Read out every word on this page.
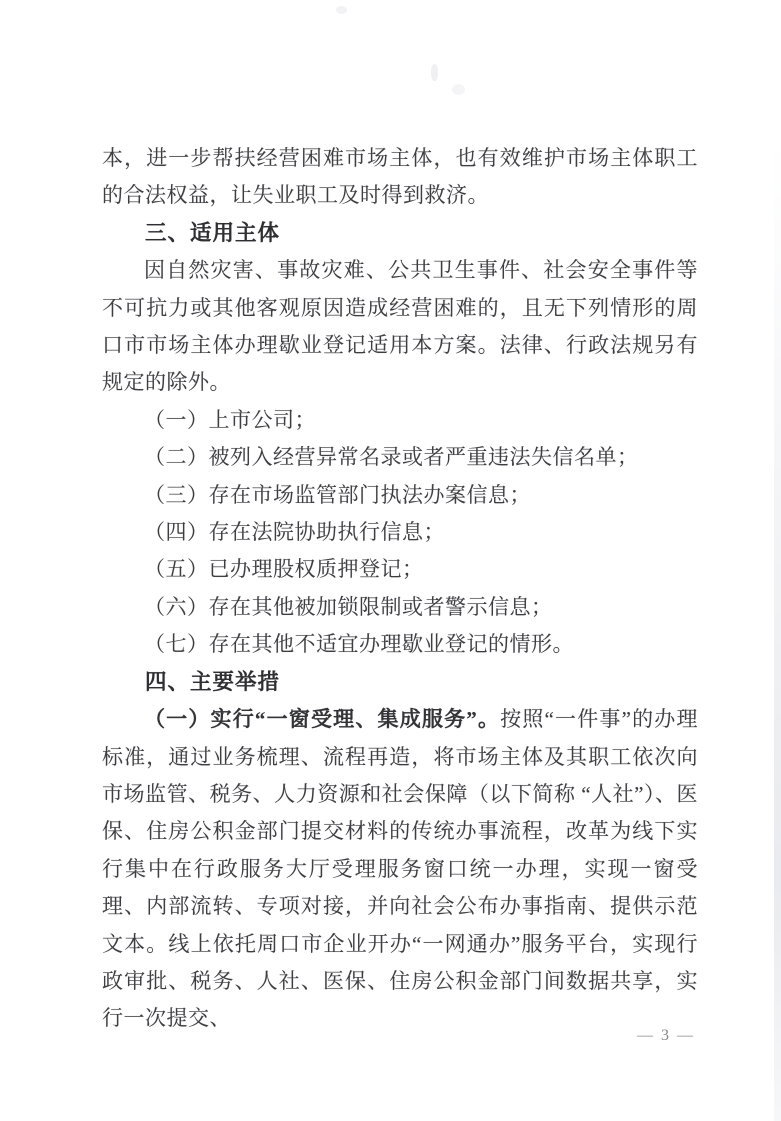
本，进一步帮扶经营困难市场主体，也有效维护市场主体职工的合法权益，让失业职工及时得到救济。

三、适用主体

因自然灾害、事故灾难、公共卫生事件、社会安全事件等不可抗力或其他客观原因造成经营困难的，且无下列情形的周口市市场主体办理歇业登记适用本方案。法律、行政法规另有规定的除外。

（一）上市公司；

（二）被列入经营异常名录或者严重违法失信名单；

（三）存在市场监管部门执法办案信息；

（四）存在法院协助执行信息；

（五）已办理股权质押登记；

（六）存在其他被加锁限制或者警示信息；

（七）存在其他不适宜办理歇业登记的情形。

四、主要举措

（一）实行“一窗受理、集成服务”。按照“一件事”的办理标准，通过业务梳理、流程再造，将市场主体及其职工依次向市场监管、税务、人力资源和社会保障（以下简称 “人社”）、医保、住房公积金部门提交材料的传统办事流程，改革为线下实行集中在行政服务大厅受理服务窗口统一办理，实现一窗受理、内部流转、专项对接，并向社会公布办事指南、提供示范文本。线上依托周口市企业开办“一网通办”服务平台，实现行政审批、税务、人社、医保、住房公积金部门间数据共享，实行一次提交、

— 3 —
